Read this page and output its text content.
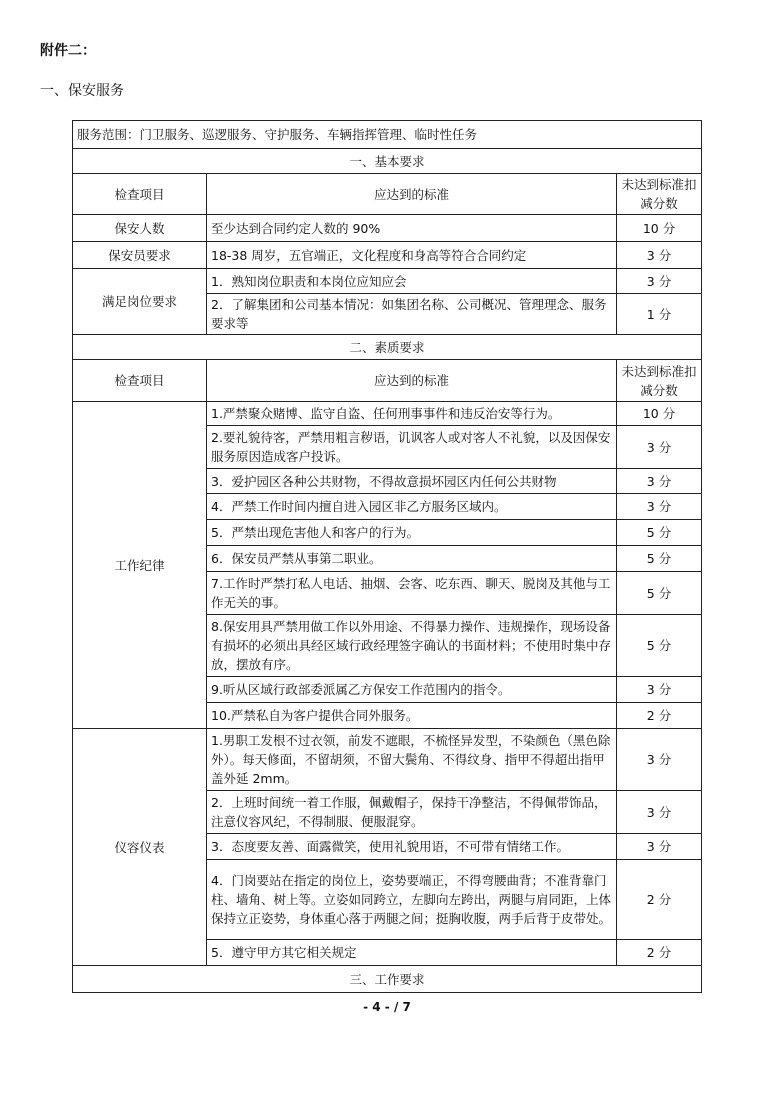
附件二：
一、保安服务
服务范围：门卫服务、巡逻服务、守护服务、车辆指挥管理、临时性任务		
一、基本要求		
检查项目	应达到的标准	未达到标准扣减分数
保安人数	至少达到合同约定人数的 90%	10 分
保安员要求	18-38 周岁，五官端正，文化程度和身高等符合合同约定	3 分
满足岗位要求	1．熟知岗位职责和本岗位应知应会	3 分
	2．了解集团和公司基本情况：如集团名称、公司概况、管理理念、服务要求等	1 分
二、素质要求		
检查项目	应达到的标准	未达到标准扣减分数
工作纪律	1.严禁聚众赌博、监守自盗、任何刑事事件和违反治安等行为。	10 分
	2.要礼貌待客，严禁用粗言秽语，讥讽客人或对客人不礼貌，以及因保安服务原因造成客户投诉。	3 分
	3．爱护园区各种公共财物，不得故意损坏园区内任何公共财物	3 分
	4．严禁工作时间内擅自进入园区非乙方服务区域内。	3 分
	5．严禁出现危害他人和客户的行为。	5 分
	6．保安员严禁从事第二职业。	5 分
	7.工作时严禁打私人电话、抽烟、会客、吃东西、聊天、脱岗及其他与工作无关的事。	5 分
	8.保安用具严禁用做工作以外用途、不得暴力操作、违规操作，现场设备有损坏的必须出具经区域行政经理签字确认的书面材料；不使用时集中存放，摆放有序。	5 分
	9.听从区域行政部委派属乙方保安工作范围内的指令。	3 分
	10.严禁私自为客户提供合同外服务。	2 分
仪容仪表	1.男职工发根不过衣领，前发不遮眼，不梳怪异发型，不染颜色（黑色除外）。每天修面，不留胡须，不留大鬓角、不得纹身、指甲不得超出指甲盖外延 2mm。	3 分
	2．上班时间统一着工作服，佩戴帽子，保持干净整洁，不得佩带饰品，注意仪容风纪，不得制服、便服混穿。	3 分
	3．态度要友善、面露微笑，使用礼貌用语，不可带有情绪工作。	3 分
	4．门岗要站在指定的岗位上，姿势要端正，不得弯腰曲背；不准背靠门柱、墙角、树上等。立姿如同跨立，左脚向左跨出，两腿与肩同距，上体保持立正姿势，身体重心落于两腿之间；挺胸收腹，两手后背于皮带处。	2 分
	5．遵守甲方其它相关规定	2 分
三、工作要求		
- 4 - / 7
